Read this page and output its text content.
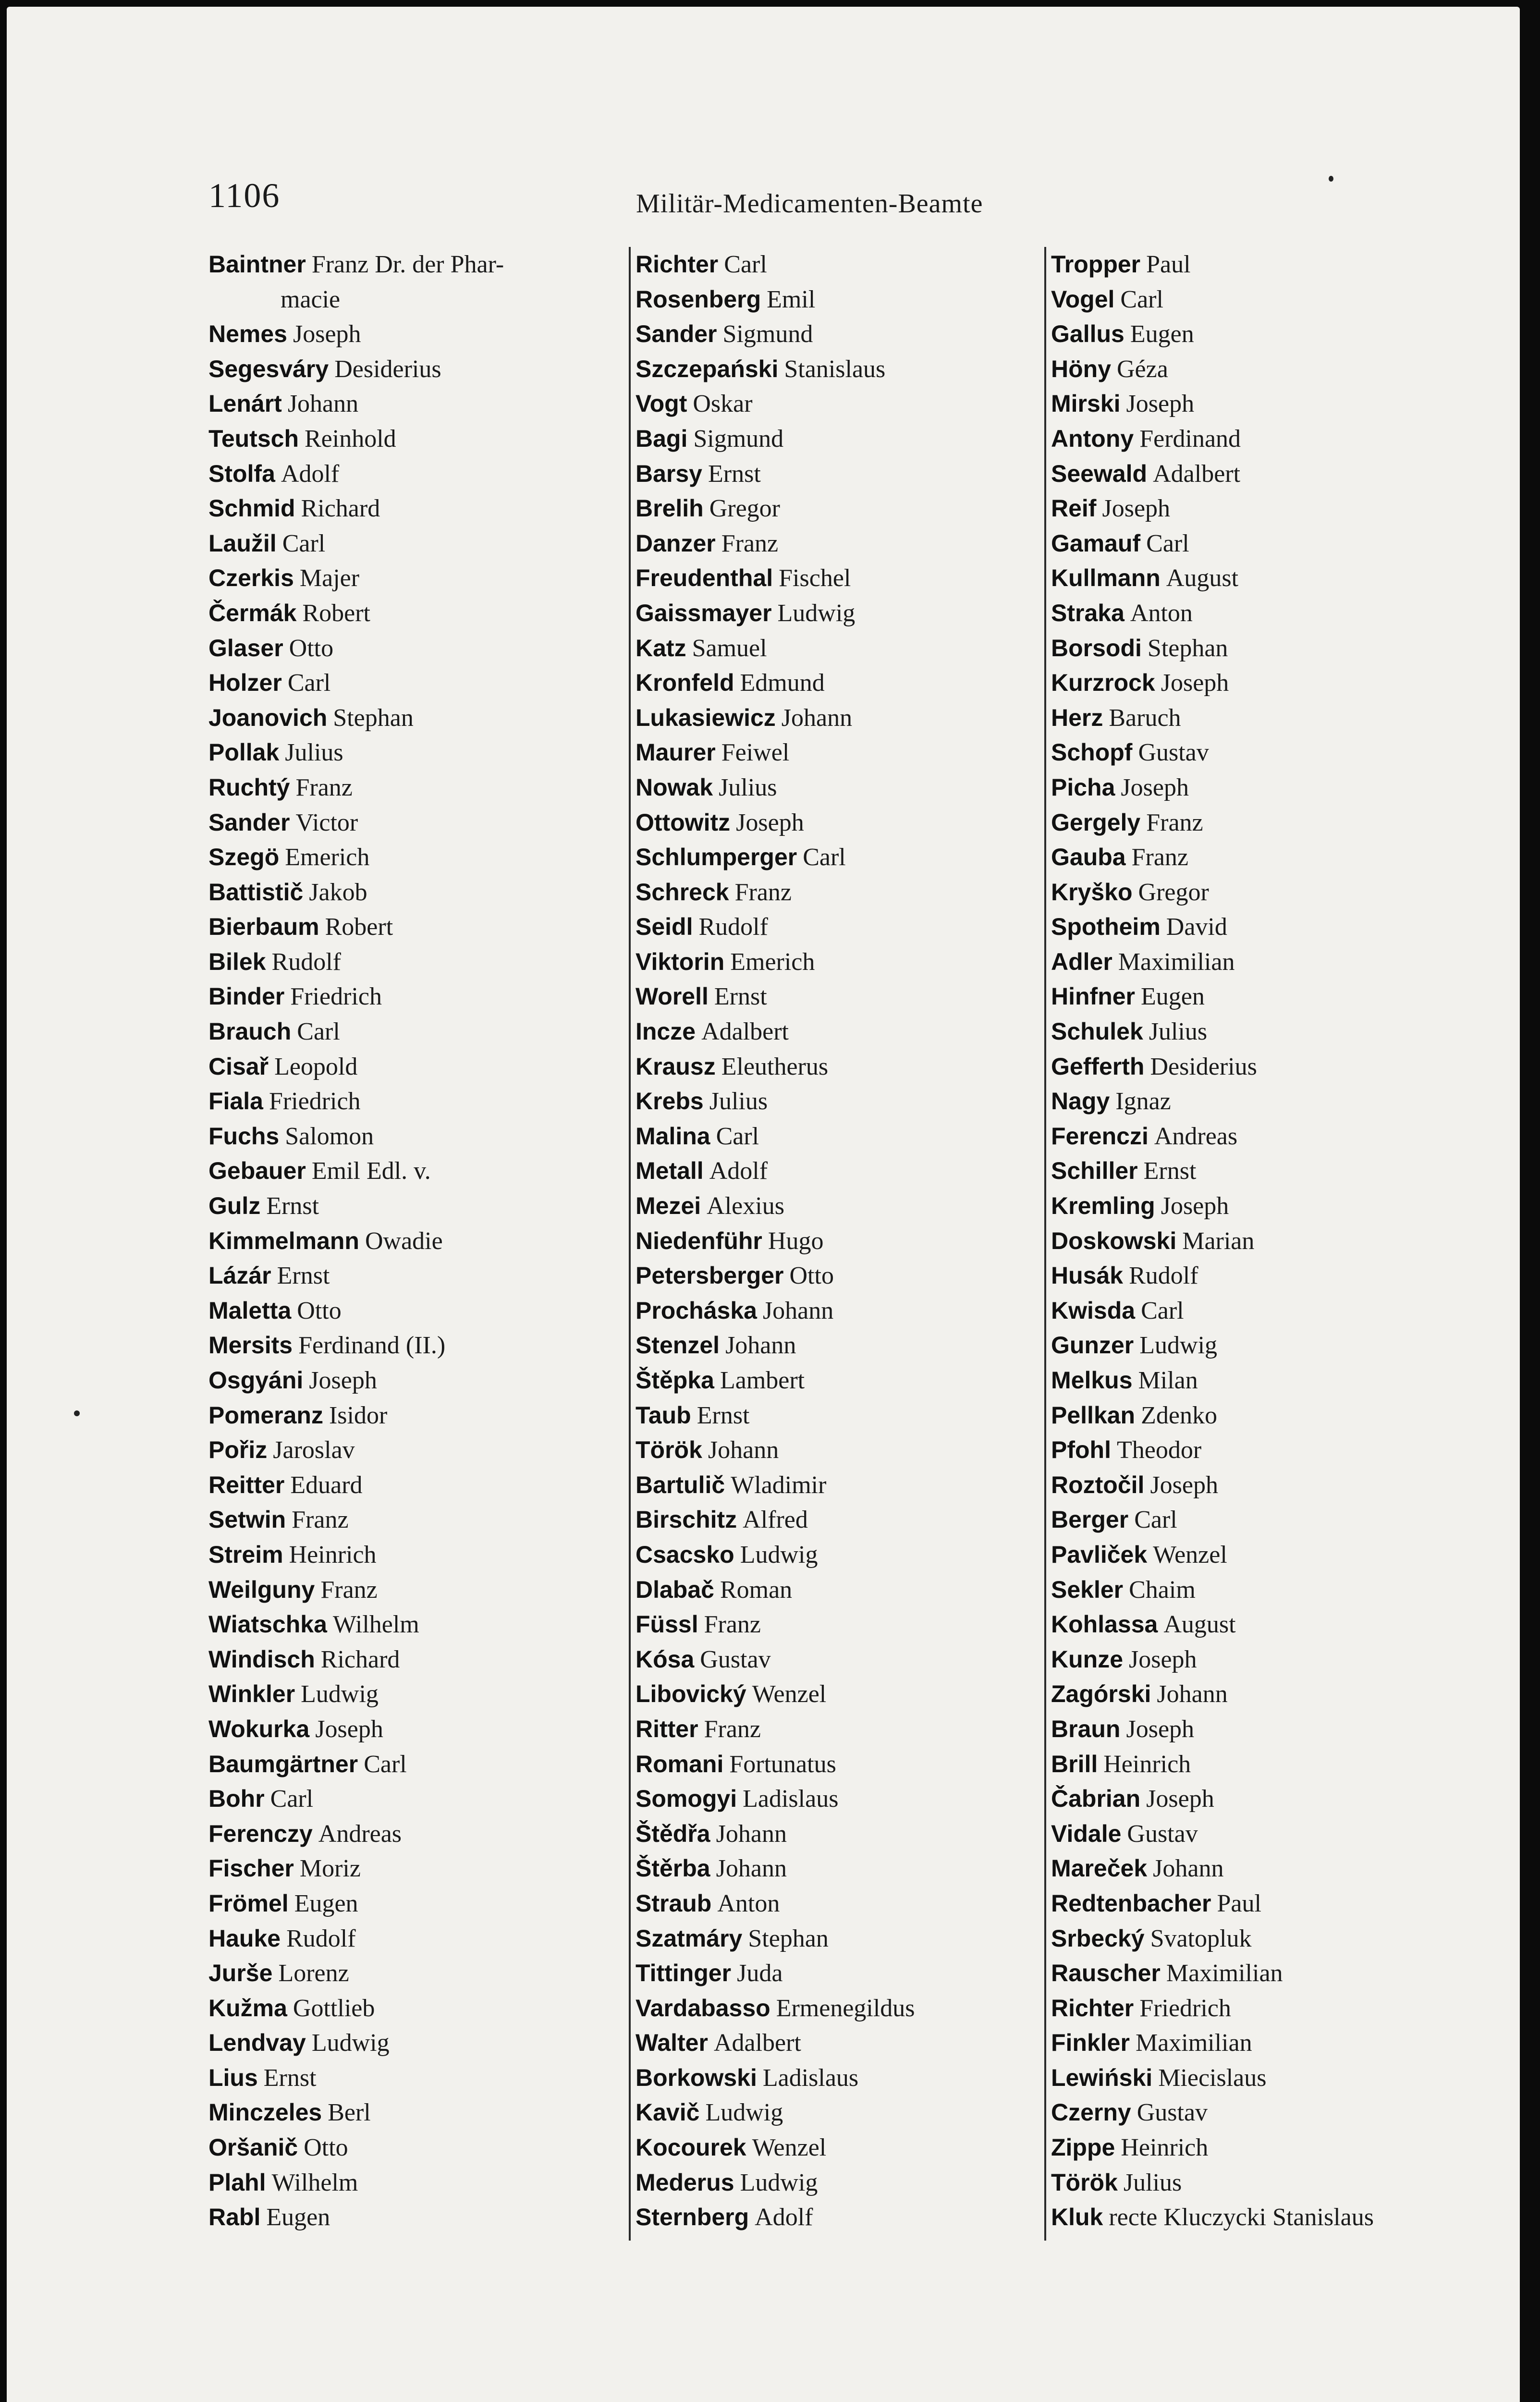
1106	Militär-Medicamenten-Beamte
Baintner Franz Dr. der Phar-
macie
Nemes Joseph
Segesváry Desiderius
Lenárt Johann
Teutsch Reinhold
Stolfa Adolf
Schmid Richard
Laužil Carl
Czerkis Majer
Čermák Robert
Glaser Otto
Holzer Carl
Joanovich Stephan
Pollak Julius
Ruchtý Franz
Sander Victor
Szegö Emerich
Battistič Jakob
Bierbaum Robert
Bilek Rudolf
Binder Friedrich
Brauch Carl
Cisař Leopold
Fiala Friedrich
Fuchs Salomon
Gebauer Emil Edl. v.
Gulz Ernst
Kimmelmann Owadie
Lázár Ernst
Maletta Otto
Mersits Ferdinand (II.)
Osgyáni Joseph
Pomeranz Isidor
Pořiz Jaroslav
Reitter Eduard
Setwin Franz
Streim Heinrich
Weilguny Franz
Wiatschka Wilhelm
Windisch Richard
Winkler Ludwig
Wokurka Joseph
Baumgärtner Carl
Bohr Carl
Ferenczy Andreas
Fischer Moriz
Frömel Eugen
Hauke Rudolf
Jurše Lorenz
Kužma Gottlieb
Lendvay Ludwig
Lius Ernst
Minczeles Berl
Oršanič Otto
Plahl Wilhelm
Rabl Eugen
Richter Carl
Rosenberg Emil
Sander Sigmund
Szczepański Stanislaus
Vogt Oskar
Bagi Sigmund
Barsy Ernst
Brelih Gregor
Danzer Franz
Freudenthal Fischel
Gaissmayer Ludwig
Katz Samuel
Kronfeld Edmund
Lukasiewicz Johann
Maurer Feiwel
Nowak Julius
Ottowitz Joseph
Schlumperger Carl
Schreck Franz
Seidl Rudolf
Viktorin Emerich
Worell Ernst
Incze Adalbert
Krausz Eleutherus
Krebs Julius
Malina Carl
Metall Adolf
Mezei Alexius
Niedenführ Hugo
Petersberger Otto
Procháska Johann
Stenzel Johann
Štěpka Lambert
Taub Ernst
Török Johann
Bartulič Wladimir
Birschitz Alfred
Csacsko Ludwig
Dlabač Roman
Füssl Franz
Kósa Gustav
Libovický Wenzel
Ritter Franz
Romani Fortunatus
Somogyi Ladislaus
Štědřa Johann
Štěrba Johann
Straub Anton
Szatmáry Stephan
Tittinger Juda
Vardabasso Ermenegildus
Walter Adalbert
Borkowski Ladislaus
Kavič Ludwig
Kocourek Wenzel
Mederus Ludwig
Sternberg Adolf
Tropper Paul
Vogel Carl
Gallus Eugen
Höny Géza
Mirski Joseph
Antony Ferdinand
Seewald Adalbert
Reif Joseph
Gamauf Carl
Kullmann August
Straka Anton
Borsodi Stephan
Kurzrock Joseph
Herz Baruch
Schopf Gustav
Picha Joseph
Gergely Franz
Gauba Franz
Kryško Gregor
Spotheim David
Adler Maximilian
Hinfner Eugen
Schulek Julius
Gefferth Desiderius
Nagy Ignaz
Ferenczi Andreas
Schiller Ernst
Kremling Joseph
Doskowski Marian
Husák Rudolf
Kwisda Carl
Gunzer Ludwig
Melkus Milan
Pellkan Zdenko
Pfohl Theodor
Roztočil Joseph
Berger Carl
Pavliček Wenzel
Sekler Chaim
Kohlassa August
Kunze Joseph
Zagórski Johann
Braun Joseph
Brill Heinrich
Čabrian Joseph
Vidale Gustav
Mareček Johann
Redtenbacher Paul
Srbecký Svatopluk
Rauscher Maximilian
Richter Friedrich
Finkler Maximilian
Lewiński Miecislaus
Czerny Gustav
Zippe Heinrich
Török Julius
Kluk recte Kluczycki Stanislaus
